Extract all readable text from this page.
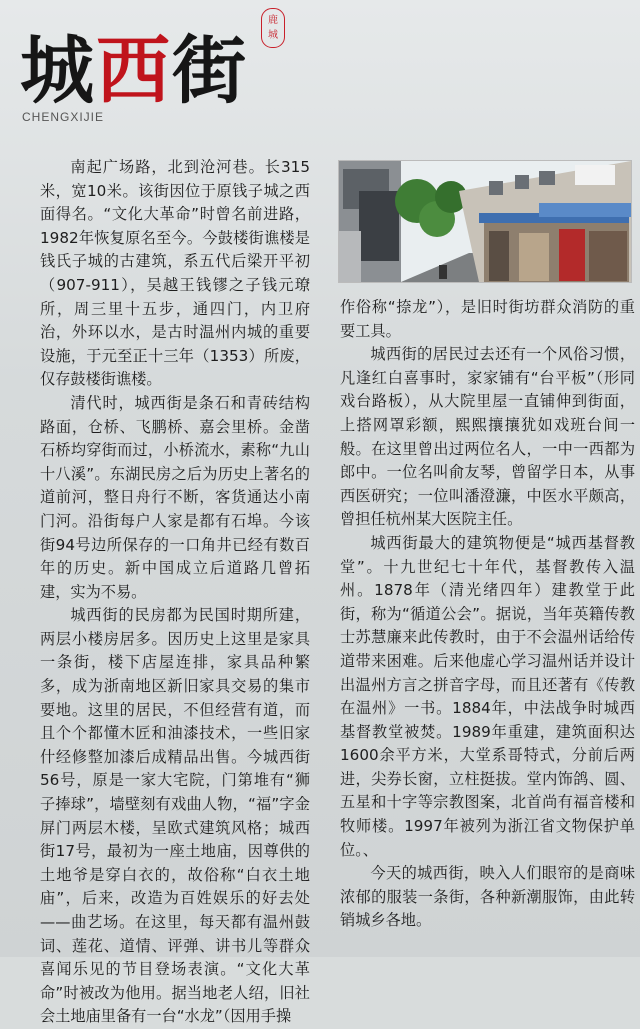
城 西 街
鹿
城
CHENGXIJIE

南起广场路，北到沧河巷。长315米，宽10米。该街因位于原钱子城之西面得名。“文化大革命”时曾名前进路，1982年恢复原名至今。今鼓楼街谯楼是钱氏子城的古建筑，系五代后梁开平初（907-911），吴越王钱镠之子钱元璙所，周三里十五步，通四门，内卫府治，外环以水，是古时温州内城的重要设施，于元至正十三年（1353）所废，仅存鼓楼街谯楼。

清代时，城西街是条石和青砖结构路面，仓桥、飞鹏桥、嘉会里桥。金凿石桥均穿街而过，小桥流水，素称“九山十八溪”。东湖民房之后为历史上著名的道前河，整日舟行不断，客货通达小南门河。沿街每户人家是都有石埠。今该街94号边所保存的一口角井已经有数百年的历史。新中国成立后道路几曾拓建，实为不易。

城西街的民房都为民国时期所建，两层小楼房居多。因历史上这里是家具一条街，楼下店屋连排，家具品种繁多，成为浙南地区新旧家具交易的集市要地。这里的居民，不但经营有道，而且个个都懂木匠和油漆技术，一些旧家什经修整加漆后成精品出售。今城西街56号，原是一家大宅院，门第堆有“狮子捧球”，墙壁刻有戏曲人物，“福”字金屏门两层木楼，呈欧式建筑风格；城西街17号，最初为一座土地庙，因尊供的土地爷是穿白衣的，故俗称“白衣土地庙”，后来，改造为百姓娱乐的好去处——曲艺场。在这里，每天都有温州鼓词、莲花、道情、评弹、讲书儿等群众喜闻乐见的节目登场表演。“文化大革命”时被改为他用。据当地老人绍，旧社会土地庙里备有一台“水龙”（因用手操

作俗称“捺龙”），是旧时街坊群众消防的重要工具。

城西街的居民过去还有一个风俗习惯，凡逢红白喜事时，家家铺有“台平板”（形同戏台路板），从大院里屋一直铺伸到街面，上搭网罩彩额，熙熙攘攘犹如戏班台间一般。在这里曾出过两位名人，一中一西都为郎中。一位名叫俞友琴，曾留学日本，从事西医研究；一位叫潘澄濂，中医水平颇高，曾担任杭州某大医院主任。

城西街最大的建筑物便是“城西基督教堂”。十九世纪七十年代，基督教传入温州。1878年（清光绪四年）建教堂于此街，称为“循道公会”。据说，当年英籍传教士苏慧廉来此传教时，由于不会温州话给传道带来困难。后来他虚心学习温州话并设计出温州方言之拼音字母，而且还著有《传教在温州》一书。1884年，中法战争时城西基督教堂被焚。1989年重建，建筑面积达1600余平方米，大堂系哥特式，分前后两进，尖券长窗，立柱挺拔。堂内饰鸽、圆、五星和十字等宗教图案，北首尚有福音楼和牧师楼。1997年被列为浙江省文物保护单位。、

今天的城西街，映入人们眼帘的是商味浓郁的服装一条街，各种新潮服饰，由此转销城乡各地。
